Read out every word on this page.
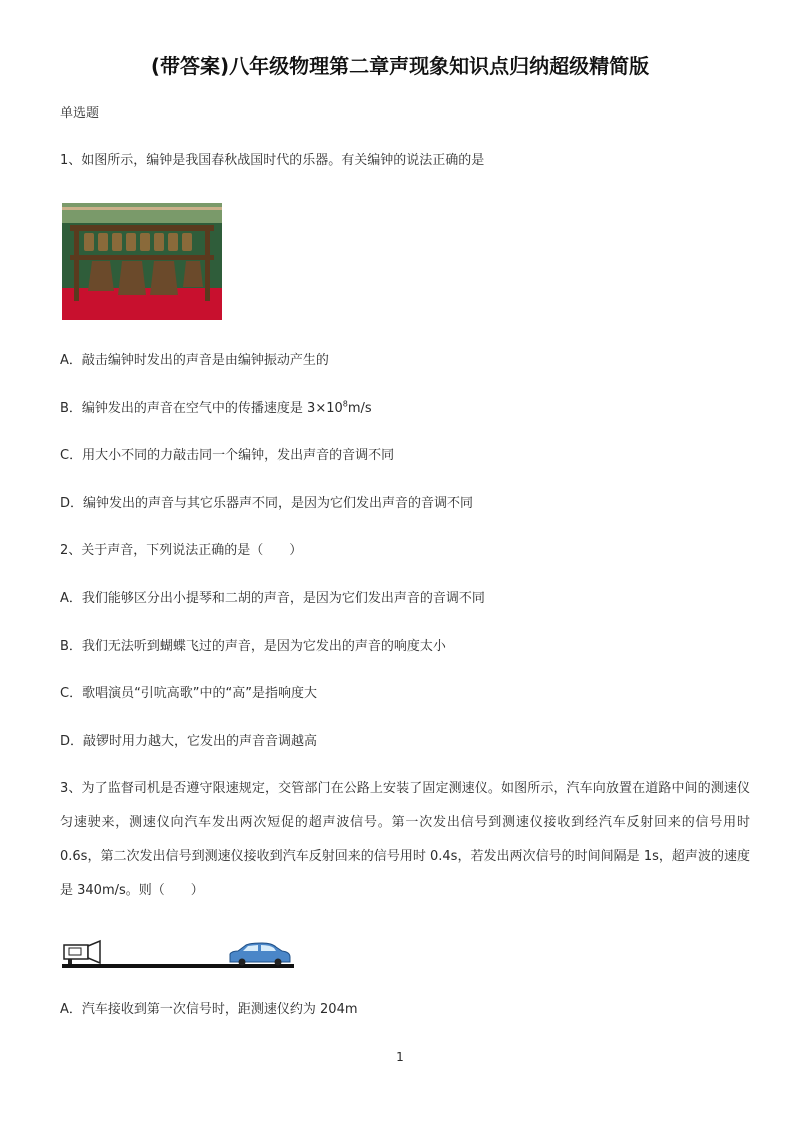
(带答案)八年级物理第二章声现象知识点归纳超级精简版
单选题
1、如图所示，编钟是我国春秋战国时代的乐器。有关编钟的说法正确的是
A．敲击编钟时发出的声音是由编钟振动产生的
B．编钟发出的声音在空气中的传播速度是 $3\times 10^8m/s$
C．用大小不同的力敲击同一个编钟，发出声音的音调不同
D．编钟发出的声音与其它乐器声不同，是因为它们发出声音的音调不同
2、关于声音，下列说法正确的是（　　）
A．我们能够区分出小提琴和二胡的声音，是因为它们发出声音的音调不同
B．我们无法听到蝴蝶飞过的声音，是因为它发出的声音的响度太小
C．歌唱演员“引吭高歌”中的“高”是指响度大
D．敲锣时用力越大，它发出的声音音调越高
3、为了监督司机是否遵守限速规定，交管部门在公路上安装了固定测速仪。如图所示，汽车向放置在道路中间的测速仪匀速驶来，测速仪向汽车发出两次短促的超声波信号。第一次发出信号到测速仪接收到经汽车反射回来的信号用时 0.6s，第二次发出信号到测速仪接收到汽车反射回来的信号用时 0.4s，若发出两次信号的时间间隔是 1s，超声波的速度是 340m/s。则（　　）
A．汽车接收到第一次信号时，距测速仪约为 204m
1
